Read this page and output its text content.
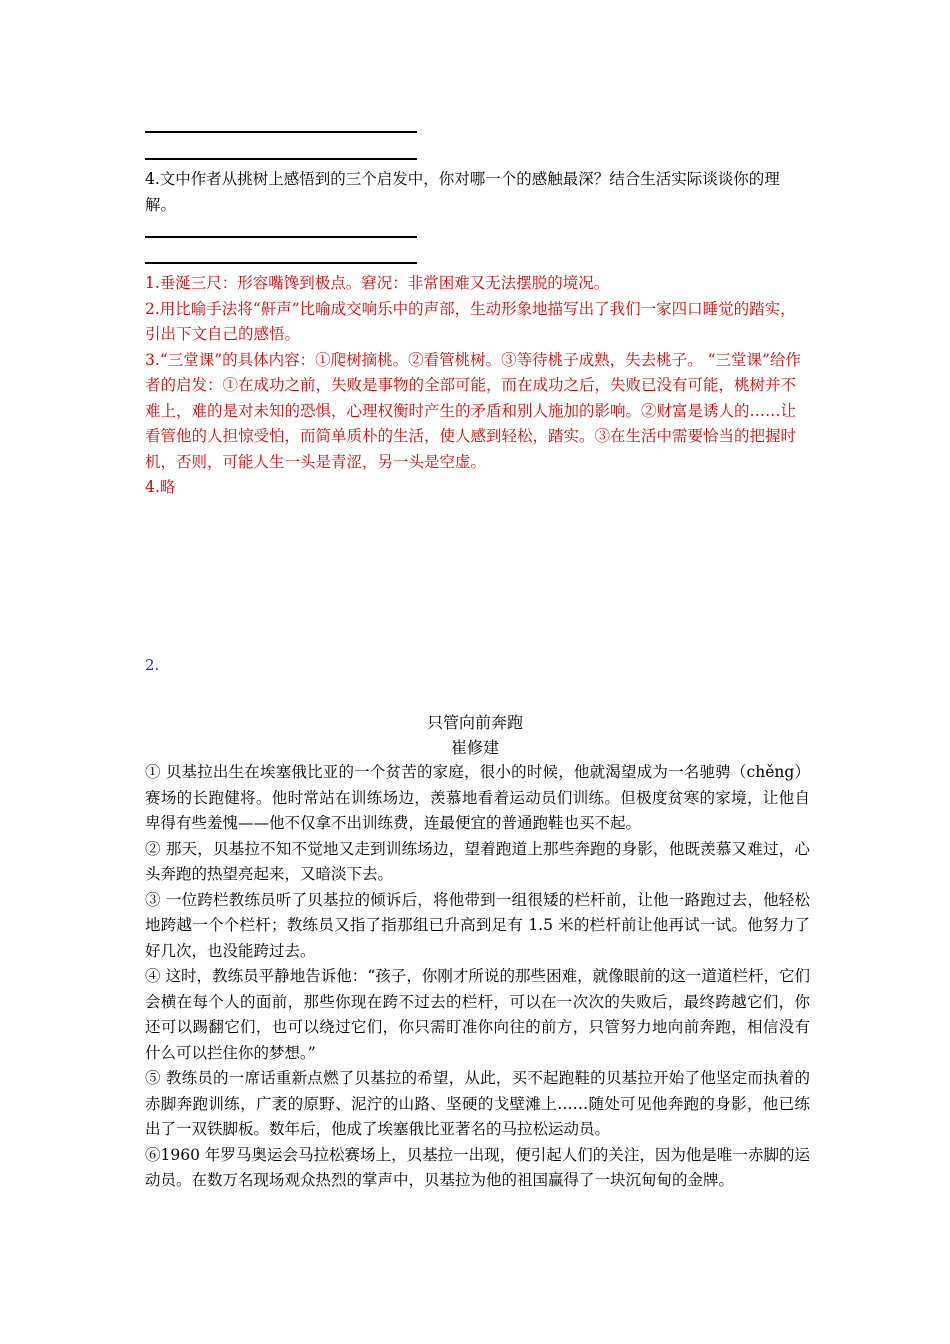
4.文中作者从挑树上感悟到的三个启发中，你对哪一个的感触最深？结合生活实际谈谈你的理解。

1.垂涎三尺：形容嘴馋到极点。窘况：非常困难又无法摆脱的境况。

2.用比喻手法将“鼾声”比喻成交响乐中的声部，生动形象地描写出了我们一家四口睡觉的踏实，引出下文自己的感悟。

3.“三堂课”的具体内容：①爬树摘桃。②看管桃树。③等待桃子成熟，失去桃子。 “三堂课”给作者的启发：①在成功之前，失败是事物的全部可能，而在成功之后，失败已没有可能，桃树并不难上，难的是对未知的恐惧，心理权衡时产生的矛盾和别人施加的影响。②财富是诱人的……让看管他的人担惊受怕，而简单质朴的生活，使人感到轻松，踏实。③在生活中需要恰当的把握时机，否则，可能人生一头是青涩，另一头是空虚。

4.略

2.
只管向前奔跑
崔修建

① 贝基拉出生在埃塞俄比亚的一个贫苦的家庭，很小的时候，他就渴望成为一名驰骋（chěng）赛场的长跑健将。他时常站在训练场边，羡慕地看着运动员们训练。但极度贫寒的家境，让他自卑得有些羞愧——他不仅拿不出训练费，连最便宜的普通跑鞋也买不起。

② 那天，贝基拉不知不觉地又走到训练场边，望着跑道上那些奔跑的身影，他既羡慕又难过，心头奔跑的热望亮起来，又暗淡下去。

③ 一位跨栏教练员听了贝基拉的倾诉后，将他带到一组很矮的栏杆前，让他一路跑过去，他轻松地跨越一个个栏杆；教练员又指了指那组已升高到足有 1.5 米的栏杆前让他再试一试。他努力了好几次，也没能跨过去。

④ 这时，教练员平静地告诉他：“孩子，你刚才所说的那些困难，就像眼前的这一道道栏杆，它们会横在每个人的面前，那些你现在跨不过去的栏杆，可以在一次次的失败后，最终跨越它们，你还可以踢翻它们，也可以绕过它们，你只需盯准你向往的前方，只管努力地向前奔跑，相信没有什么可以拦住你的梦想。”

⑤ 教练员的一席话重新点燃了贝基拉的希望，从此，买不起跑鞋的贝基拉开始了他坚定而执着的赤脚奔跑训练，广袤的原野、泥泞的山路、坚硬的戈壁滩上……随处可见他奔跑的身影，他已练出了一双铁脚板。数年后，他成了埃塞俄比亚著名的马拉松运动员。

⑥1960 年罗马奥运会马拉松赛场上，贝基拉一出现，便引起人们的关注，因为他是唯一赤脚的运动员。在数万名现场观众热烈的掌声中，贝基拉为他的祖国赢得了一块沉甸甸的金牌。
